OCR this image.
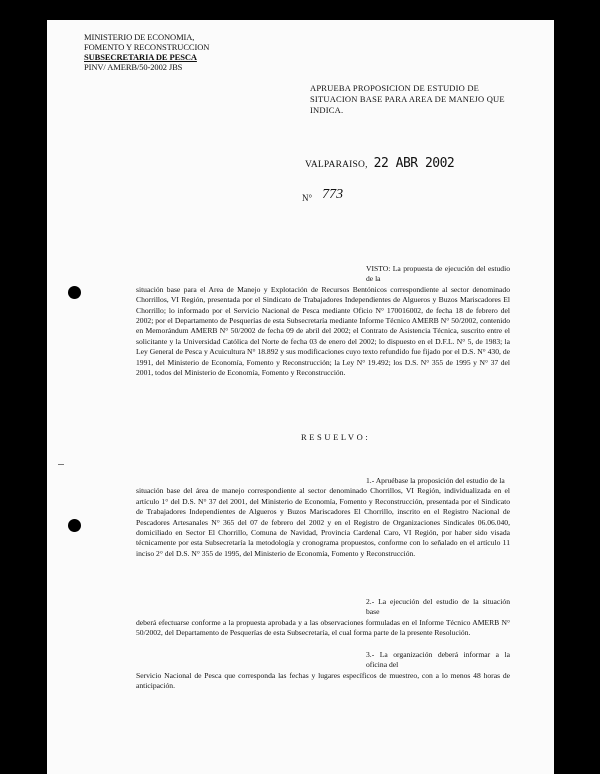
MINISTERIO DE ECONOMIA,
FOMENTO Y RECONSTRUCCION
SUBSECRETARIA DE PESCA
PINV/ AMERB/50-2002 JBS
APRUEBA PROPOSICION DE ESTUDIO DE SITUACION BASE PARA AREA DE MANEJO QUE INDICA.
VALPARAISO, 22 ABR 2002
N° 773
VISTO: La propuesta de ejecución del estudio de la
situación base para el Area de Manejo y Explotación de Recursos Bentónicos correspondiente al sector denominado Chorrillos, VI Región, presentada por el Sindicato de Trabajadores Independientes de Algueros y Buzos Mariscadores El Chorrillo; lo informado por el Servicio Nacional de Pesca mediante Oficio N° 170016002, de fecha 18 de febrero del 2002; por el Departamento de Pesquerías de esta Subsecretaría mediante Informe Técnico AMERB N° 50/2002, contenido en Memorándum AMERB N° 50/2002 de fecha 09 de abril del 2002; el Contrato de Asistencia Técnica, suscrito entre el solicitante y la Universidad Católica del Norte de fecha 03 de enero del 2002; lo dispuesto en el D.F.L. N° 5, de 1983; la Ley General de Pesca y Acuicultura N° 18.892 y sus modificaciones cuyo texto refundido fue fijado por el D.S. N° 430, de 1991, del Ministerio de Economía, Fomento y Reconstrucción; la Ley N° 19.492; los D.S. N° 355 de 1995 y N° 37 del 2001, todos del Ministerio de Economía, Fomento y Reconstrucción.
RESUELVO:
1.- Apruébase la proposición del estudio de la
situación base del área de manejo correspondiente al sector denominado Chorrillos, VI Región, individualizada en el artículo 1° del D.S. N° 37 del 2001, del Ministerio de Economía, Fomento y Reconstrucción, presentada por el Sindicato de Trabajadores Independientes de Algueros y Buzos Mariscadores El Chorrillo, inscrito en el Registro Nacional de Pescadores Artesanales N° 365 del 07 de febrero del 2002 y en el Registro de Organizaciones Sindicales 06.06.040, domiciliado en Sector El Chorrillo, Comuna de Navidad, Provincia Cardenal Caro, VI Región, por haber sido visada técnicamente por esta Subsecretaría la metodología y cronograma propuestos, conforme con lo señalado en el artículo 11 inciso 2° del D.S. N° 355 de 1995, del Ministerio de Economía, Fomento y Reconstrucción.
2.- La ejecución del estudio de la situación base
deberá efectuarse conforme a la propuesta aprobada y a las observaciones formuladas en el Informe Técnico AMERB N° 50/2002, del Departamento de Pesquerías de esta Subsecretaría, el cual forma parte de la presente Resolución.
3.- La organización deberá informar a la oficina del
Servicio Nacional de Pesca que corresponda las fechas y lugares específicos de muestreo, con a lo menos 48 horas de anticipación.
